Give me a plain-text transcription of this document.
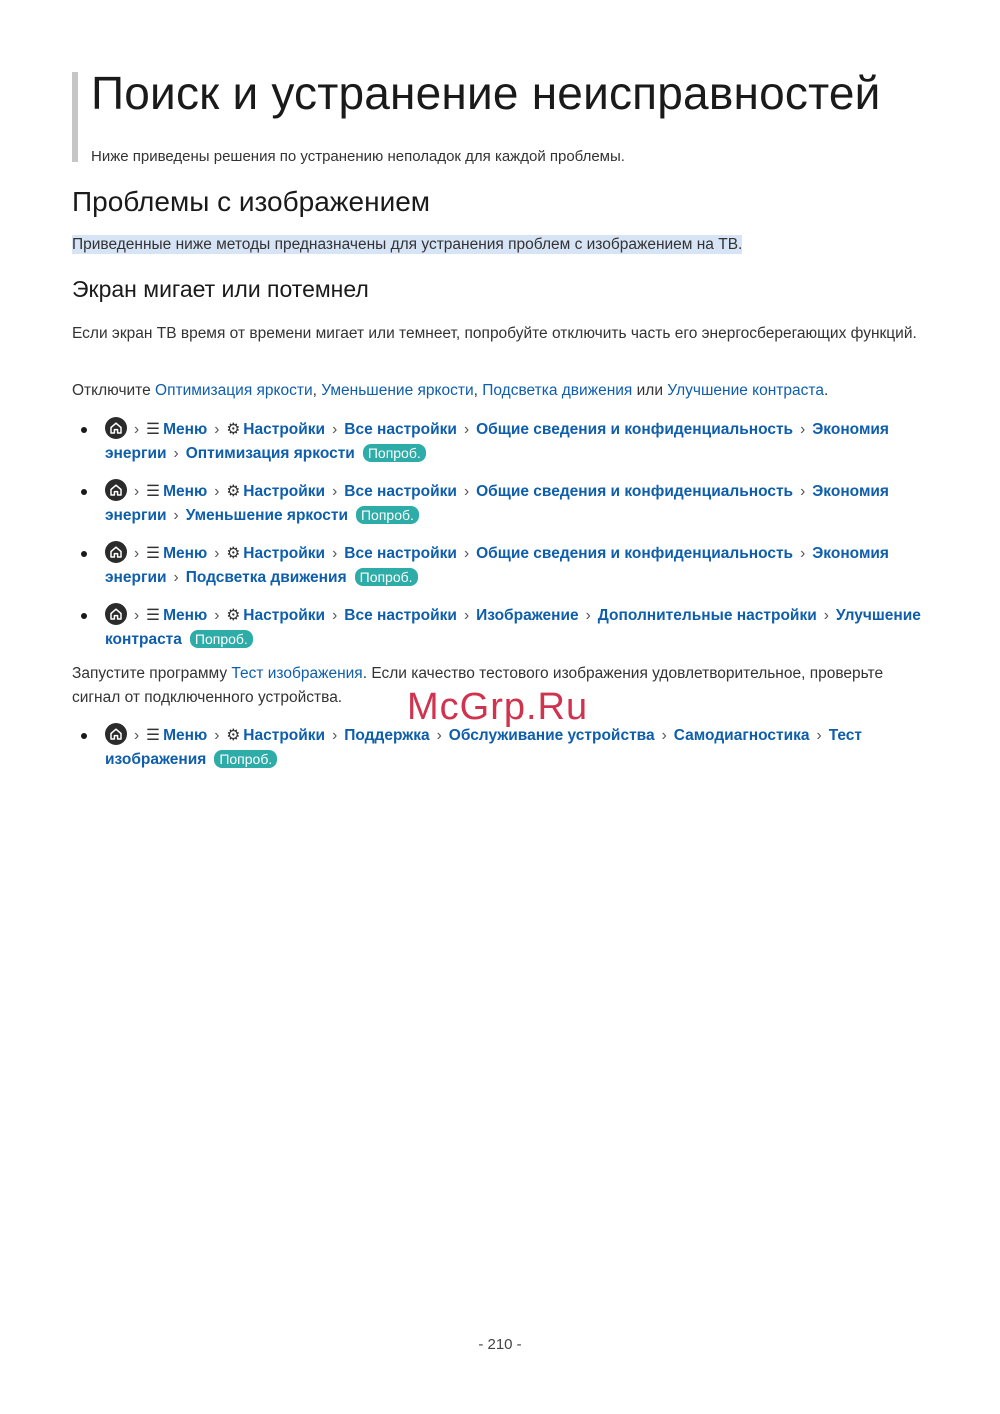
Поиск и устранение неисправностей
Ниже приведены решения по устранению неполадок для каждой проблемы.
Проблемы с изображением
Приведенные ниже методы предназначены для устранения проблем с изображением на ТВ.
Экран мигает или потемнел
Если экран ТВ время от времени мигает или темнеет, попробуйте отключить часть его энергосберегающих функций.
Отключите Оптимизация яркости, Уменьшение яркости, Подсветка движения или Улучшение контраста.
› ☰ Меню › ⚙ Настройки › Все настройки › Общие сведения и конфиденциальность › Экономия энергии › Оптимизация яркости Попроб.
› ☰ Меню › ⚙ Настройки › Все настройки › Общие сведения и конфиденциальность › Экономия энергии › Уменьшение яркости Попроб.
› ☰ Меню › ⚙ Настройки › Все настройки › Общие сведения и конфиденциальность › Экономия энергии › Подсветка движения Попроб.
› ☰ Меню › ⚙ Настройки › Все настройки › Изображение › Дополнительные настройки › Улучшение контраста Попроб.
Запустите программу Тест изображения. Если качество тестового изображения удовлетворительное, проверьте сигнал от подключенного устройства.
› ☰ Меню › ⚙ Настройки › Поддержка › Обслуживание устройства › Самодиагностика › Тест изображения Попроб.
McGrp.Ru
- 210 -
